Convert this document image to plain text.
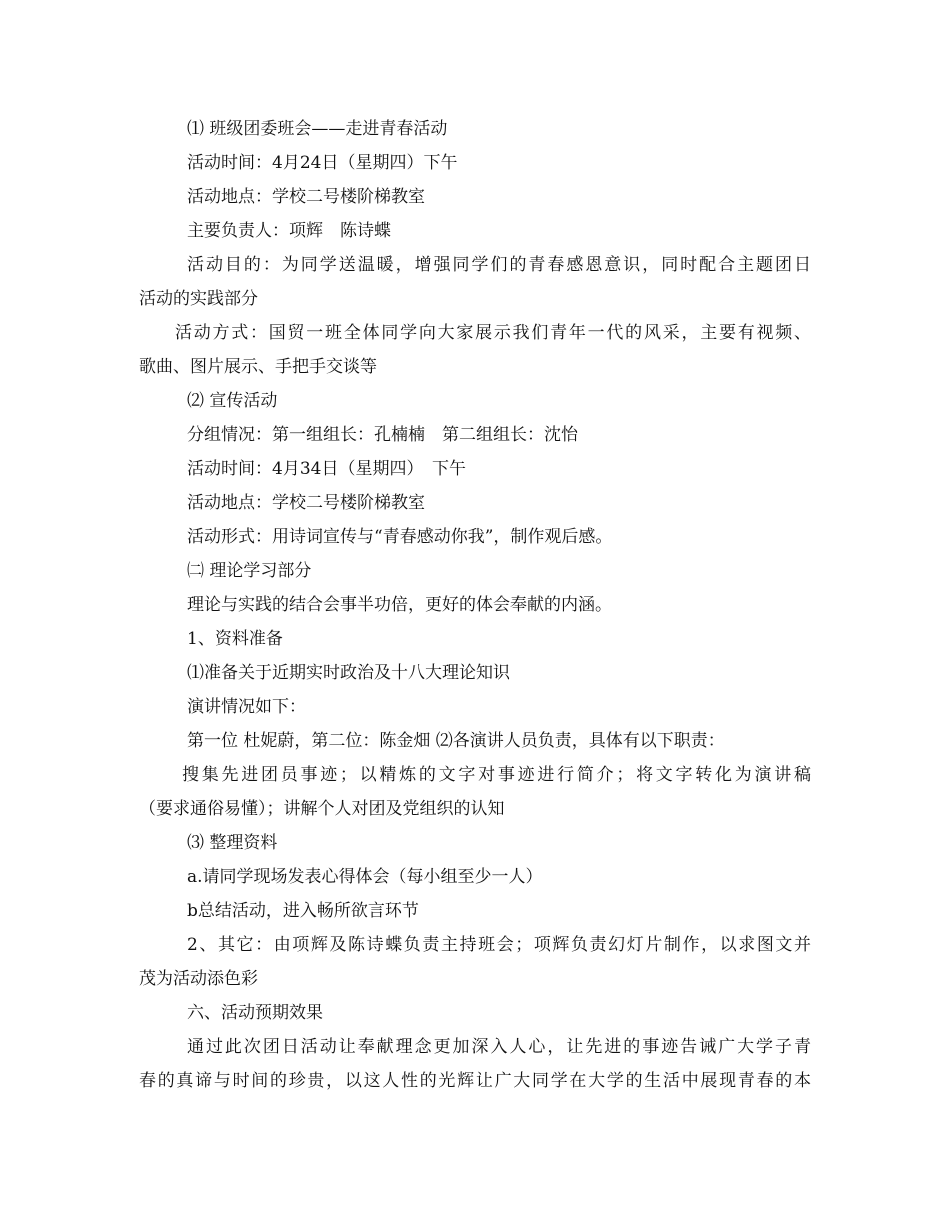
⑴ 班级团委班会——走进青春活动

活动时间：4月24日（星期四）下午

活动地点：学校二号楼阶梯教室

主要负责人：项辉　陈诗蝶

活动目的：为同学送温暖，增强同学们的青春感恩意识，同时配合主题团日

活动的实践部分

活动方式：国贸一班全体同学向大家展示我们青年一代的风采，主要有视频、

歌曲、图片展示、手把手交谈等

⑵ 宣传活动

分组情况：第一组组长：孔楠楠　第二组组长：沈怡

活动时间：4月34日（星期四）　下午

活动地点：学校二号楼阶梯教室

活动形式：用诗词宣传与“青春感动你我”，制作观后感。

㈡ 理论学习部分

理论与实践的结合会事半功倍，更好的体会奉献的内涵。

1、资料准备

⑴准备关于近期实时政治及十八大理论知识

演讲情况如下：

第一位 杜妮蔚，第二位：陈金畑 ⑵各演讲人员负责，具体有以下职责：

搜集先进团员事迹；以精炼的文字对事迹进行简介；将文字转化为演讲稿

（要求通俗易懂）；讲解个人对团及党组织的认知

⑶ 整理资料

a.请同学现场发表心得体会（每小组至少一人）

b总结活动，进入畅所欲言环节

2、其它：由项辉及陈诗蝶负责主持班会；项辉负责幻灯片制作，以求图文并

茂为活动添色彩

六、活动预期效果

通过此次团日活动让奉献理念更加深入人心，让先进的事迹告诫广大学子青

春的真谛与时间的珍贵，以这人性的光辉让广大同学在大学的生活中展现青春的本
